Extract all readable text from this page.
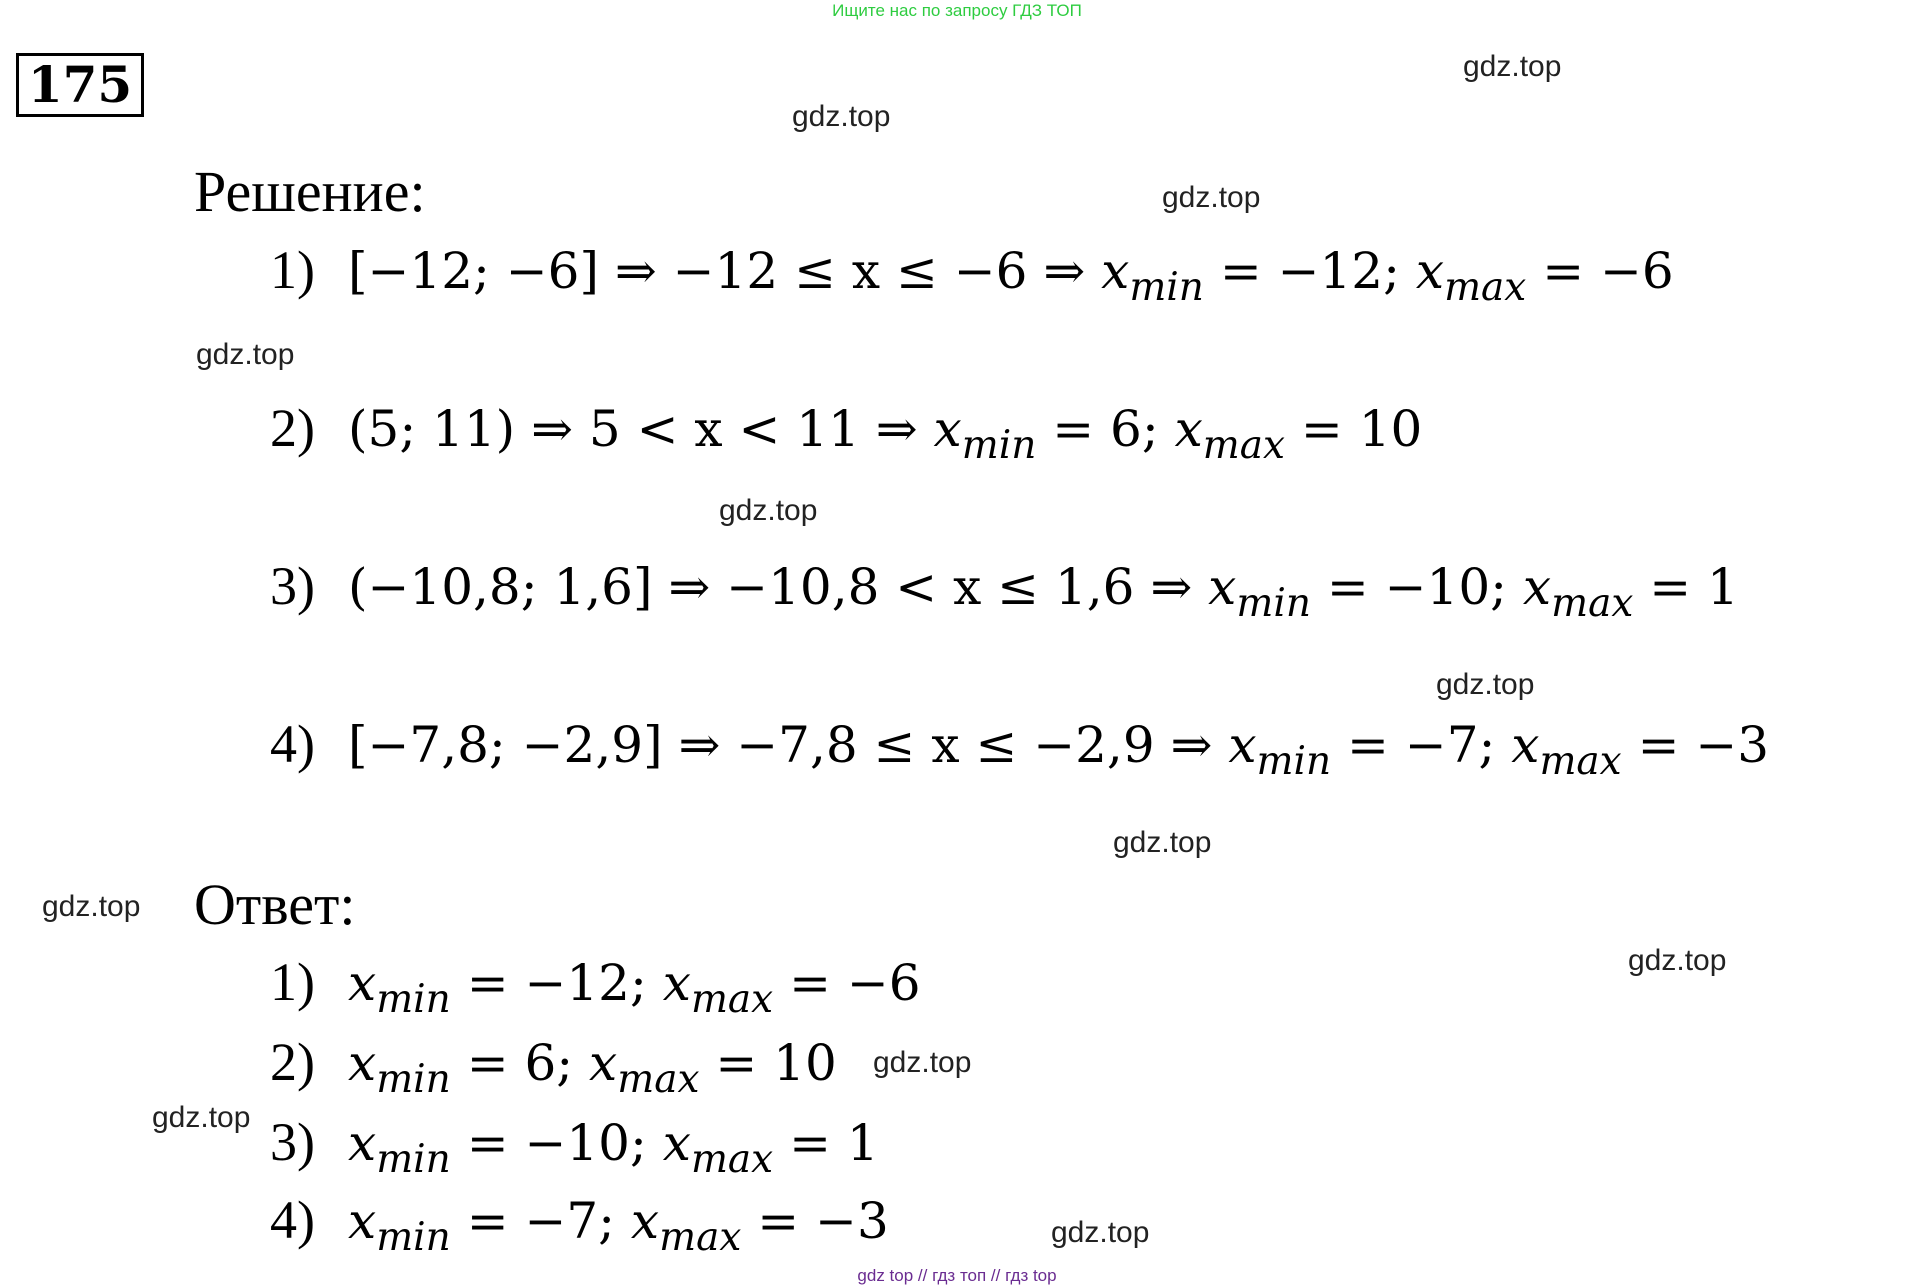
Ищите нас по запросу ГДЗ ТОП
175	gdz.top
gdz.top
gdz.top
gdz.top
gdz.top
gdz.top
gdz.top
gdz.top
gdz.top
gdz.top
gdz.top
gdz.top
Решение:
1) [−12; −6] ⇒ −12 ≤ x ≤ −6 ⇒ $x_{min} = -12$; $x_{max} = -6$
2) (5; 11) ⇒ 5 < x < 11 ⇒ $x_{min} = 6$; $x_{max} = 10$
3) (−10,8; 1,6] ⇒ −10,8 < x ≤ 1,6 ⇒ $x_{min} = -10$; $x_{max} = 1$
4) [−7,8; −2,9] ⇒ −7,8 ≤ x ≤ −2,9 ⇒ $x_{min} = -7$; $x_{max} = -3$
Ответ:
1) $x_{min} = -12$; $x_{max} = -6$
2) $x_{min} = 6$; $x_{max} = 10$
3) $x_{min} = -10$; $x_{max} = 1$
4) $x_{min} = -7$; $x_{max} = -3$
gdz top // гдз топ // гдз top
